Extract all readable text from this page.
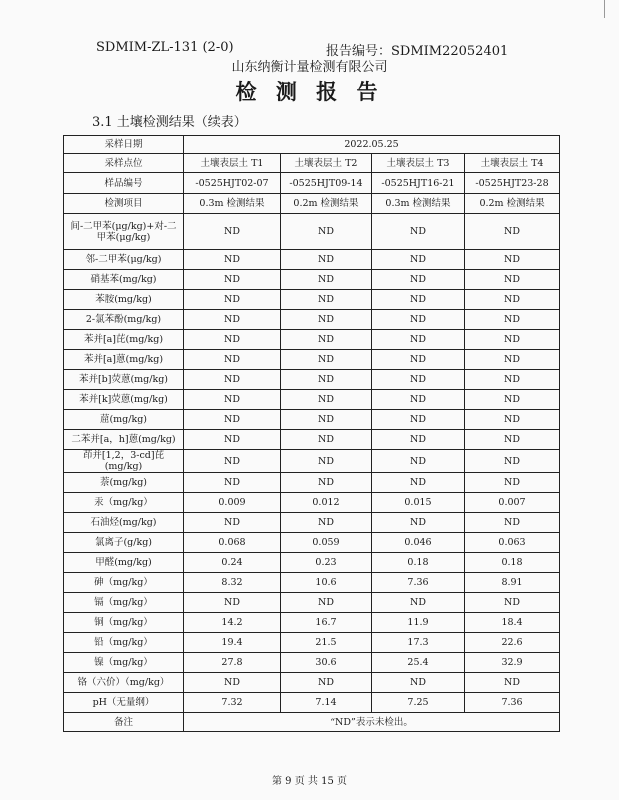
SDMIM-ZL-131 (2-0)	报告编号：SDMIM22052401
山东纳衡计量检测有限公司
检 测 报 告
3.1 土壤检测结果（续表）
采样日期	2022.05.25			
采样点位	土壤表层土 T1	土壤表层土 T2	土壤表层土 T3	土壤表层土 T4
样品编号	-0525HJT02-07	-0525HJT09-14	-0525HJT16-21	-0525HJT23-28
检测项目	0.3m 检测结果	0.2m 检测结果	0.3m 检测结果	0.2m 检测结果
间-二甲苯(μg/kg)+对-二甲苯(μg/kg)	ND	ND	ND	ND
邻-二甲苯(μg/kg)	ND	ND	ND	ND
硝基苯(mg/kg)	ND	ND	ND	ND
苯胺(mg/kg)	ND	ND	ND	ND
2-氯苯酚(mg/kg)	ND	ND	ND	ND
苯并[a]芘(mg/kg)	ND	ND	ND	ND
苯并[a]蒽(mg/kg)	ND	ND	ND	ND
苯并[b]荧蒽(mg/kg)	ND	ND	ND	ND
苯并[k]荧蒽(mg/kg)	ND	ND	ND	ND
䓛(mg/kg)	ND	ND	ND	ND
二苯并[a，h]蒽(mg/kg)	ND	ND	ND	ND
茚并[1,2，3-cd]芘(mg/kg)	ND	ND	ND	ND
萘(mg/kg)	ND	ND	ND	ND
汞（mg/kg）	0.009	0.012	0.015	0.007
石油烃(mg/kg)	ND	ND	ND	ND
氯离子(g/kg)	0.068	0.059	0.046	0.063
甲醛(mg/kg)	0.24	0.23	0.18	0.18
砷（mg/kg）	8.32	10.6	7.36	8.91
镉（mg/kg）	ND	ND	ND	ND
铜（mg/kg）	14.2	16.7	11.9	18.4
铅（mg/kg）	19.4	21.5	17.3	22.6
镍（mg/kg）	27.8	30.6	25.4	32.9
铬（六价）（mg/kg）	ND	ND	ND	ND
pH（无量纲）	7.32	7.14	7.25	7.36
备注	“ND”表示未检出。			
第 9 页 共 15 页
